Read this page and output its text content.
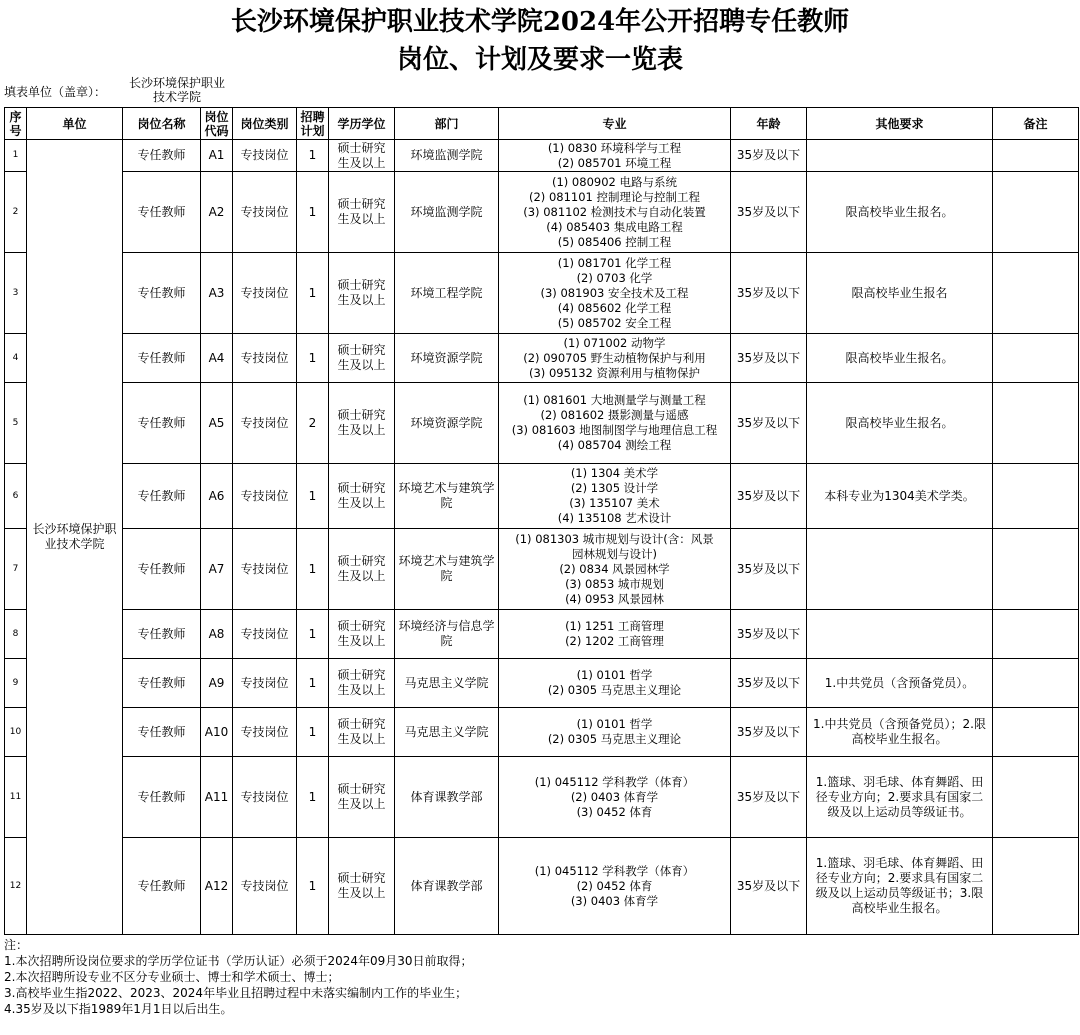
长沙环境保护职业技术学院2024年公开招聘专任教师
岗位、计划及要求一览表
填表单位（盖章）：
长沙环境保护职业
技术学院
序号	单位	岗位名称	岗位代码	岗位类别	招聘计划	学历学位	部门	专业	年龄	其他要求	备注
1	长沙环境保护职业技术学院	专任教师	A1	专技岗位	1	硕士研究生及以上	环境监测学院	(1) 0830 环境科学与工程
(2) 085701 环境工程	35岁及以下		
2		专任教师	A2	专技岗位	1	硕士研究生及以上	环境监测学院	(1) 080902 电路与系统
(2) 081101 控制理论与控制工程
(3) 081102 检测技术与自动化装置
(4) 085403 集成电路工程
(5) 085406 控制工程	35岁及以下	限高校毕业生报名。	
3		专任教师	A3	专技岗位	1	硕士研究生及以上	环境工程学院	(1) 081701 化学工程
(2) 0703 化学
(3) 081903 安全技术及工程
(4) 085602 化学工程
(5) 085702 安全工程	35岁及以下	限高校毕业生报名	
4		专任教师	A4	专技岗位	1	硕士研究生及以上	环境资源学院	(1) 071002 动物学
(2) 090705 野生动植物保护与利用
(3) 095132 资源利用与植物保护	35岁及以下	限高校毕业生报名。	
5		专任教师	A5	专技岗位	2	硕士研究生及以上	环境资源学院	(1) 081601 大地测量学与测量工程
(2) 081602 摄影测量与遥感
(3) 081603 地图制图学与地理信息工程
(4) 085704 测绘工程	35岁及以下	限高校毕业生报名。	
6		专任教师	A6	专技岗位	1	硕士研究生及以上	环境艺术与建筑学院	(1) 1304 美术学
(2) 1305 设计学
(3) 135107 美术
(4) 135108 艺术设计	35岁及以下	本科专业为1304美术学类。	
7		专任教师	A7	专技岗位	1	硕士研究生及以上	环境艺术与建筑学院	(1) 081303 城市规划与设计(含：风景
园林规划与设计)
(2) 0834 风景园林学
(3) 0853 城市规划
(4) 0953 风景园林	35岁及以下		
8		专任教师	A8	专技岗位	1	硕士研究生及以上	环境经济与信息学院	(1) 1251 工商管理
(2) 1202 工商管理	35岁及以下		
9		专任教师	A9	专技岗位	1	硕士研究生及以上	马克思主义学院	(1) 0101 哲学
(2) 0305 马克思主义理论	35岁及以下	1.中共党员（含预备党员）。	
10		专任教师	A10	专技岗位	1	硕士研究生及以上	马克思主义学院	(1) 0101 哲学
(2) 0305 马克思主义理论	35岁及以下	1.中共党员（含预备党员）；2.限高校毕业生报名。	
11		专任教师	A11	专技岗位	1	硕士研究生及以上	体育课教学部	(1) 045112 学科教学（体育）
(2) 0403 体育学
(3) 0452 体育	35岁及以下	1.篮球、羽毛球、体育舞蹈、田径专业方向；2.要求具有国家二级及以上运动员等级证书。	
12		专任教师	A12	专技岗位	1	硕士研究生及以上	体育课教学部	(1) 045112 学科教学（体育）
(2) 0452 体育
(3) 0403 体育学	35岁及以下	1.篮球、羽毛球、体育舞蹈、田径专业方向；2.要求具有国家二级及以上运动员等级证书；3.限高校毕业生报名。	
注：
1.本次招聘所设岗位要求的学历学位证书（学历认证）必须于2024年09月30日前取得；
2.本次招聘所设专业不区分专业硕士、博士和学术硕士、博士；
3.高校毕业生指2022、2023、2024年毕业且招聘过程中未落实编制内工作的毕业生；
4.35岁及以下指1989年1月1日以后出生。
